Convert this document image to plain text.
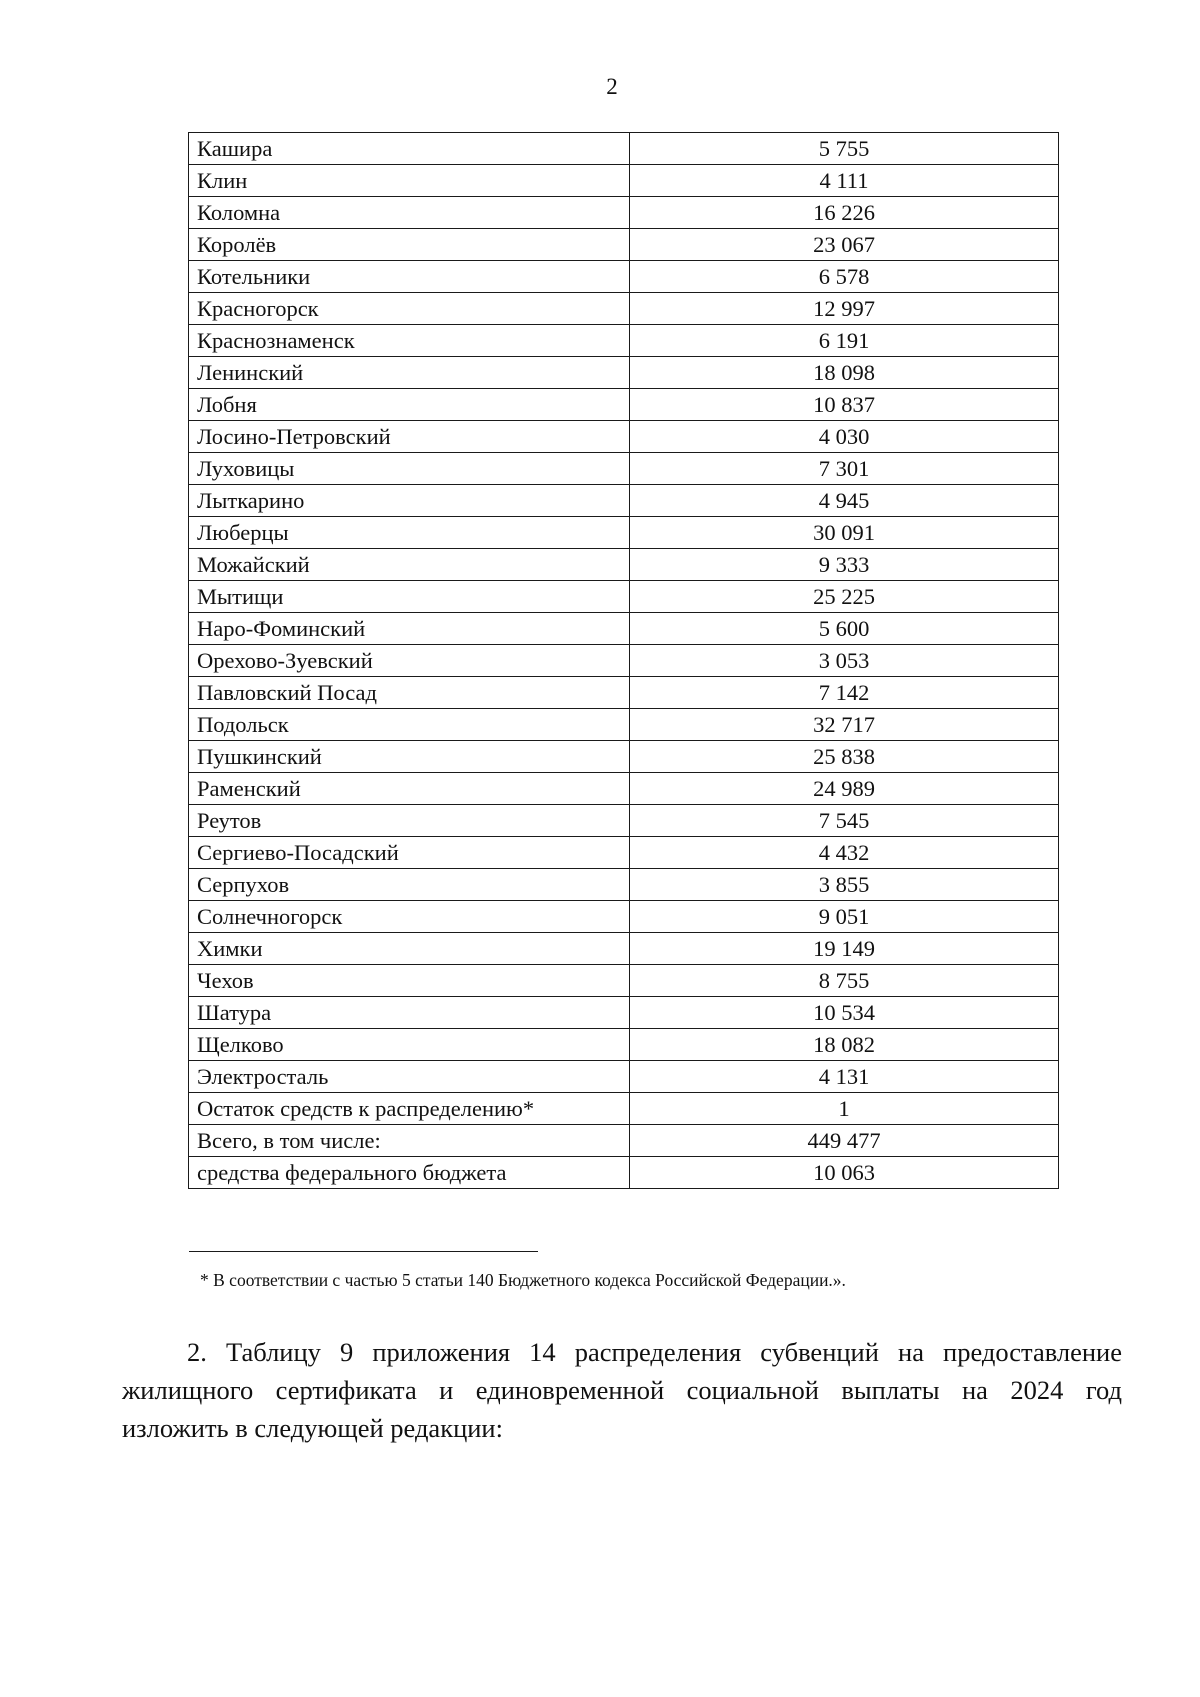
2
Кашира	5 755
Клин	4 111
Коломна	16 226
Королёв	23 067
Котельники	6 578
Красногорск	12 997
Краснознаменск	6 191
Ленинский	18 098
Лобня	10 837
Лосино-Петровский	4 030
Луховицы	7 301
Лыткарино	4 945
Люберцы	30 091
Можайский	9 333
Мытищи	25 225
Наро-Фоминский	5 600
Орехово-Зуевский	3 053
Павловский Посад	7 142
Подольск	32 717
Пушкинский	25 838
Раменский	24 989
Реутов	7 545
Сергиево-Посадский	4 432
Серпухов	3 855
Солнечногорск	9 051
Химки	19 149
Чехов	8 755
Шатура	10 534
Щелково	18 082
Электросталь	4 131
Остаток средств к распределению*	1
Всего, в том числе:	449 477
средства федерального бюджета	10 063
* В соответствии с частью 5 статьи 140 Бюджетного кодекса Российской Федерации.».
2. Таблицу 9 приложения 14 распределения субвенций на предоставление
жилищного сертификата и единовременной социальной выплаты на 2024 год
изложить в следующей редакции:
